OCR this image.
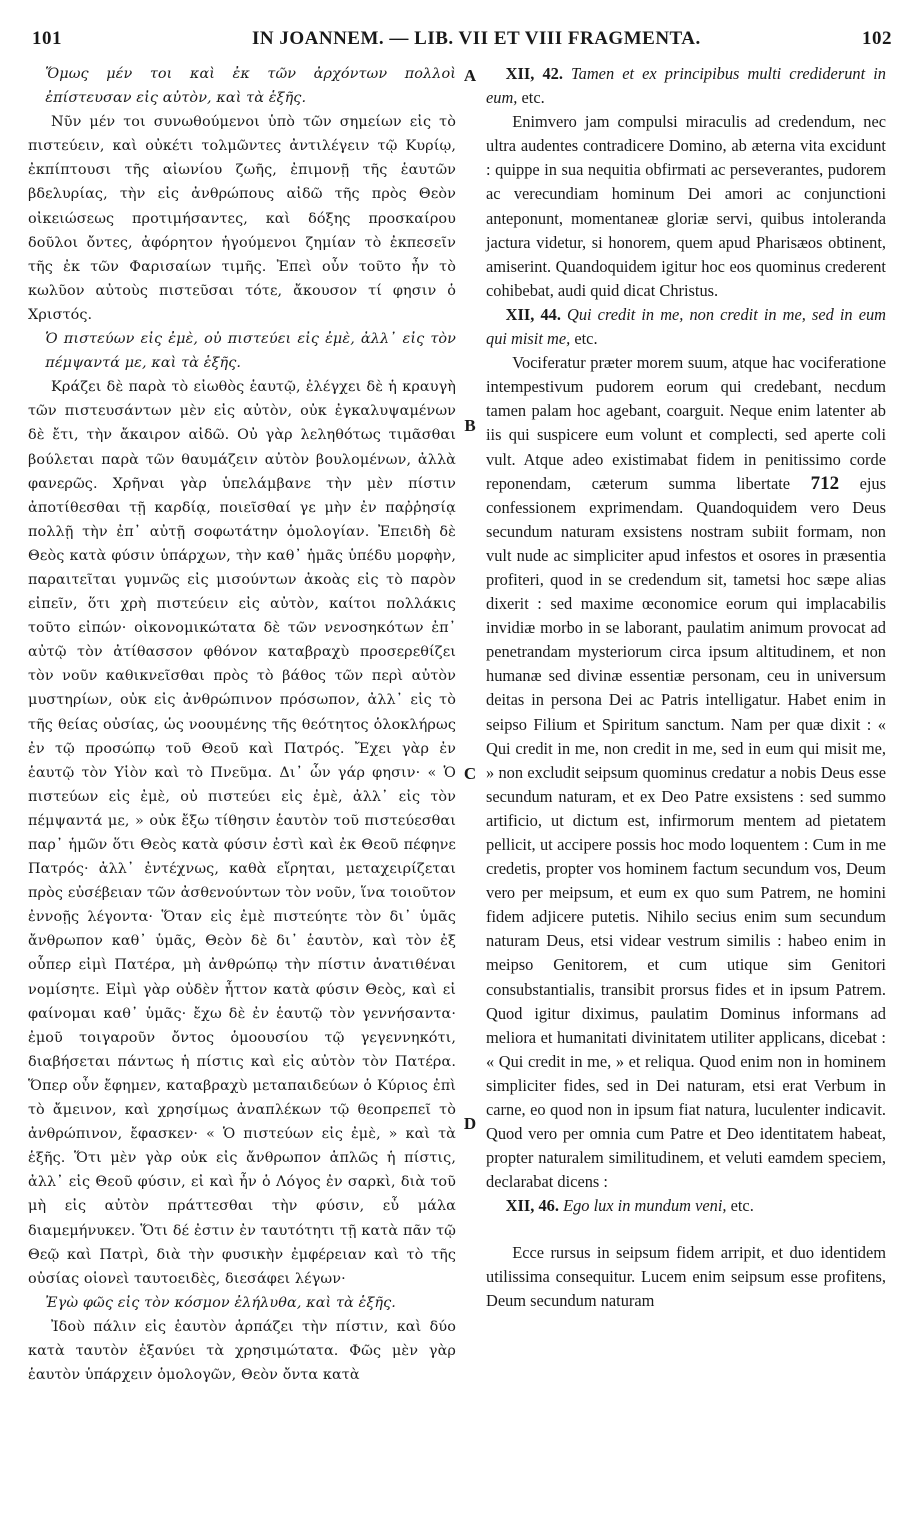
101	IN JOANNEM. — LIB. VII ET VIII FRAGMENTA.	102
A
B
C
D

Ὅμως μέν τοι καὶ ἐκ τῶν ἀρχόντων πολλοὶ ἐπίστευσαν εἰς αὐτὸν, καὶ τὰ ἑξῆς.

Νῦν μέν τοι συνωθούμενοι ὑπὸ τῶν σημείων εἰς τὸ πιστεύειν, καὶ οὐκέτι τολμῶντες ἀντιλέγειν τῷ Κυρίῳ, ἐκπίπτουσι τῆς αἰωνίου ζωῆς, ἐπιμονῇ τῆς ἑαυτῶν βδελυρίας, τὴν εἰς ἀνθρώπους αἰδῶ τῆς πρὸς Θεὸν οἰκειώσεως προτιμήσαντες, καὶ δόξης προσκαίρου δοῦλοι ὄντες, ἀφόρητον ἡγούμενοι ζημίαν τὸ ἐκπεσεῖν τῆς ἐκ τῶν Φαρισαίων τιμῆς. Ἐπεὶ οὖν τοῦτο ἦν τὸ κωλῦον αὐτοὺς πιστεῦσαι τότε, ἄκουσον τί φησιν ὁ Χριστός.

Ὁ πιστεύων εἰς ἐμὲ, οὐ πιστεύει εἰς ἐμὲ, ἀλλ᾽ εἰς τὸν πέμψαντά με, καὶ τὰ ἑξῆς.

Κράζει δὲ παρὰ τὸ εἰωθὸς ἑαυτῷ, ἐλέγχει δὲ ἡ κραυγὴ τῶν πιστευσάντων μὲν εἰς αὐτὸν, οὐκ ἐγκαλυψαμένων δὲ ἔτι, τὴν ἄκαιρον αἰδῶ. Οὐ γὰρ λεληθότως τιμᾶσθαι βούλεται παρὰ τῶν θαυμάζειν αὐτὸν βουλομένων, ἀλλὰ φανερῶς. Χρῆναι γὰρ ὑπελάμβανε τὴν μὲν πίστιν ἀποτίθεσθαι τῇ καρδίᾳ, ποιεῖσθαί γε μὴν ἐν παῤῥησίᾳ πολλῇ τὴν ἐπ᾽ αὐτῇ σοφωτάτην ὁμολογίαν. Ἐπειδὴ δὲ Θεὸς κατὰ φύσιν ὑπάρχων, τὴν καθ᾽ ἡμᾶς ὑπέδυ μορφὴν, παραιτεῖται γυμνῶς εἰς μισούντων ἀκοὰς εἰς τὸ παρὸν εἰπεῖν, ὅτι χρὴ πιστεύειν εἰς αὐτὸν, καίτοι πολλάκις τοῦτο εἰπών· οἰκονομικώτατα δὲ τῶν νενοσηκότων ἐπ᾽ αὐτῷ τὸν ἀτίθασσον φθόνον καταβραχὺ προσερεθίζει τὸν νοῦν καθικνεῖσθαι πρὸς τὸ βάθος τῶν περὶ αὐτὸν μυστηρίων, οὐκ εἰς ἀνθρώπινον πρόσωπον, ἀλλ᾽ εἰς τὸ τῆς θείας οὐσίας, ὡς νοουμένης τῆς θεότητος ὁλοκλήρως ἐν τῷ προσώπῳ τοῦ Θεοῦ καὶ Πατρός. Ἔχει γὰρ ἐν ἑαυτῷ τὸν Υἱὸν καὶ τὸ Πνεῦμα. Δι᾽ ὧν γάρ φησιν· « Ὁ πιστεύων εἰς ἐμὲ, οὐ πιστεύει εἰς ἐμὲ, ἀλλ᾽ εἰς τὸν πέμψαντά με, » οὐκ ἔξω τίθησιν ἑαυτὸν τοῦ πιστεύεσθαι παρ᾽ ἡμῶν ὅτι Θεὸς κατὰ φύσιν ἐστὶ καὶ ἐκ Θεοῦ πέφηνε Πατρός· ἀλλ᾽ ἐντέχνως, καθὰ εἴρηται, μεταχειρίζεται πρὸς εὐσέβειαν τῶν ἀσθενούντων τὸν νοῦν, ἵνα τοιοῦτον ἐννοῇς λέγοντα· Ὅταν εἰς ἐμὲ πιστεύητε τὸν δι᾽ ὑμᾶς ἄνθρωπον καθ᾽ ὑμᾶς, Θεὸν δὲ δι᾽ ἑαυτὸν, καὶ τὸν ἐξ οὗπερ εἰμὶ Πατέρα, μὴ ἀνθρώπῳ τὴν πίστιν ἀνατιθέναι νομίσητε. Εἰμὶ γὰρ οὐδὲν ἧττον κατὰ φύσιν Θεὸς, καὶ εἰ φαίνομαι καθ᾽ ὑμᾶς· ἔχω δὲ ἐν ἑαυτῷ τὸν γεννήσαντα· ἐμοῦ τοιγαροῦν ὄντος ὁμοουσίου τῷ γεγεννηκότι, διαβήσεται πάντως ἡ πίστις καὶ εἰς αὐτὸν τὸν Πατέρα. Ὅπερ οὖν ἔφημεν, καταβραχὺ μεταπαιδεύων ὁ Κύριος ἐπὶ τὸ ἄμεινον, καὶ χρησίμως ἀναπλέκων τῷ θεοπρεπεῖ τὸ ἀνθρώπινον, ἔφασκεν· « Ὁ πιστεύων εἰς ἐμὲ, » καὶ τὰ ἑξῆς. Ὅτι μὲν γὰρ οὐκ εἰς ἄνθρωπον ἁπλῶς ἡ πίστις, ἀλλ᾽ εἰς Θεοῦ φύσιν, εἰ καὶ ἦν ὁ Λόγος ἐν σαρκὶ, διὰ τοῦ μὴ εἰς αὐτὸν πράττεσθαι τὴν φύσιν, εὖ μάλα διαμεμήνυκεν. Ὅτι δέ ἐστιν ἐν ταυτότητι τῇ κατὰ πᾶν τῷ Θεῷ καὶ Πατρὶ, διὰ τὴν φυσικὴν ἐμφέρειαν καὶ τὸ τῆς οὐσίας οἱονεὶ ταυτοειδὲς, διεσάφει λέγων·

Ἐγὼ φῶς εἰς τὸν κόσμον ἐλήλυθα, καὶ τὰ ἑξῆς.

Ἰδοὺ πάλιν εἰς ἑαυτὸν ἁρπάζει τὴν πίστιν, καὶ δύο κατὰ ταυτὸν ἐξανύει τὰ χρησιμώτατα. Φῶς μὲν γὰρ ἑαυτὸν ὑπάρχειν ὁμολογῶν, Θεὸν ὄντα κατὰ

XII, 42. Tamen et ex principibus multi crediderunt in eum, etc.

Enimvero jam compulsi miraculis ad credendum, nec ultra audentes contradicere Domino, ab æterna vita excidunt : quippe in sua nequitia obfirmati ac perseverantes, pudorem ac verecundiam hominum Dei amori ac conjunctioni anteponunt, momentaneæ gloriæ servi, quibus intoleranda jactura videtur, si honorem, quem apud Pharisæos obtinent, amiserint. Quandoquidem igitur hoc eos quominus crederent cohibebat, audi quid dicat Christus.

XII, 44. Qui credit in me, non credit in me, sed in eum qui misit me, etc.

Vociferatur præter morem suum, atque hac vociferatione intempestivum pudorem eorum qui credebant, necdum tamen palam hoc agebant, coarguit. Neque enim latenter ab iis qui suspicere eum volunt et complecti, sed aperte coli vult. Atque adeo existimabat fidem in penitissimo corde reponendam, cæterum summa libertate 712 ejus confessionem exprimendam. Quandoquidem vero Deus secundum naturam exsistens nostram subiit formam, non vult nude ac simpliciter apud infestos et osores in præsentia profiteri, quod in se credendum sit, tametsi hoc sæpe alias dixerit : sed maxime œconomice eorum qui implacabilis invidiæ morbo in se laborant, paulatim animum provocat ad penetrandam mysteriorum circa ipsum altitudinem, et non humanæ sed divinæ essentiæ personam, ceu in universum deitas in persona Dei ac Patris intelligatur. Habet enim in seipso Filium et Spiritum sanctum. Nam per quæ dixit : « Qui credit in me, non credit in me, sed in eum qui misit me, » non excludit seipsum quominus credatur a nobis Deus esse secundum naturam, et ex Deo Patre exsistens : sed summo artificio, ut dictum est, infirmorum mentem ad pietatem pellicit, ut accipere possis hoc modo loquentem : Cum in me credetis, propter vos hominem factum secundum vos, Deum vero per meipsum, et eum ex quo sum Patrem, ne homini fidem adjicere putetis. Nihilo secius enim sum secundum naturam Deus, etsi videar vestrum similis : habeo enim in meipso Genitorem, et cum utique sim Genitori consubstantialis, transibit prorsus fides et in ipsum Patrem. Quod igitur diximus, paulatim Dominus informans ad meliora et humanitati divinitatem utiliter applicans, dicebat : « Qui credit in me, » et reliqua. Quod enim non in hominem simpliciter fides, sed in Dei naturam, etsi erat Verbum in carne, eo quod non in ipsum fiat natura, luculenter indicavit. Quod vero per omnia cum Patre et Deo identitatem habeat, propter naturalem similitudinem, et veluti eamdem speciem, declarabat dicens :

XII, 46. Ego lux in mundum veni, etc.

Ecce rursus in seipsum fidem arripit, et duo identidem utilissima consequitur. Lucem enim seipsum esse profitens, Deum secundum naturam
